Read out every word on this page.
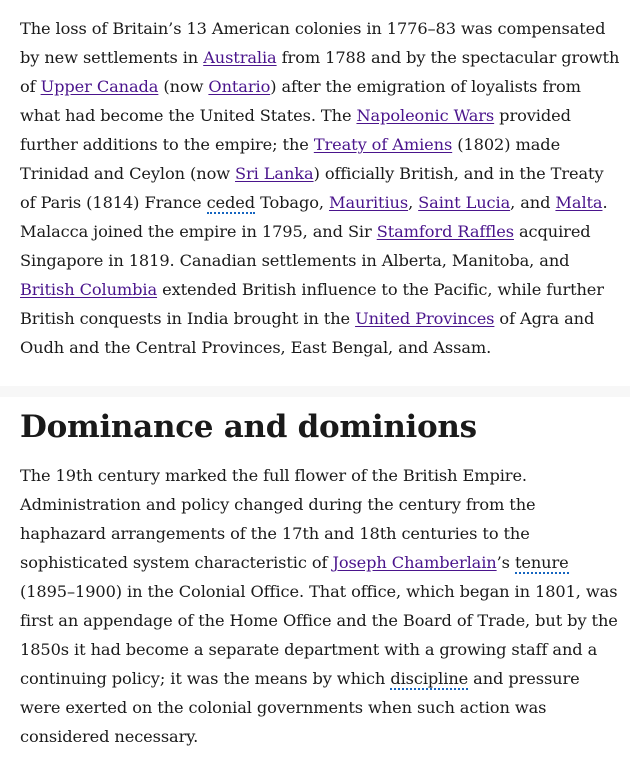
The loss of Britain’s 13 American colonies in 1776–83 was compensated by new settlements in Australia from 1788 and by the spectacular growth of Upper Canada (now Ontario) after the emigration of loyalists from what had become the United States. The Napoleonic Wars provided further additions to the empire; the Treaty of Amiens (1802) made Trinidad and Ceylon (now Sri Lanka) officially British, and in the Treaty of Paris (1814) France ceded Tobago, Mauritius, Saint Lucia, and Malta. Malacca joined the empire in 1795, and Sir Stamford Raffles acquired Singapore in 1819. Canadian settlements in Alberta, Manitoba, and British Columbia extended British influence to the Pacific, while further British conquests in India brought in the United Provinces of Agra and Oudh and the Central Provinces, East Bengal, and Assam.

Dominance and dominions

The 19th century marked the full flower of the British Empire. Administration and policy changed during the century from the haphazard arrangements of the 17th and 18th centuries to the sophisticated system characteristic of Joseph Chamberlain’s tenure (1895–1900) in the Colonial Office. That office, which began in 1801, was first an appendage of the Home Office and the Board of Trade, but by the 1850s it had become a separate department with a growing staff and a continuing policy; it was the means by which discipline and pressure were exerted on the colonial governments when such action was considered necessary.
